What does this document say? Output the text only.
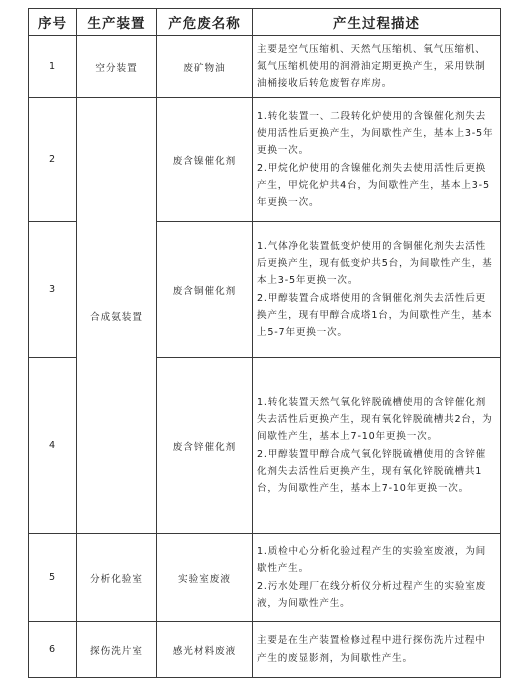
序号	生产装置	产危废名称	产生过程描述
1	空分装置	废矿物油	主要是空气压缩机、天然气压缩机、氧气压缩机、氮气压缩机使用的润滑油定期更换产生，采用铁制油桶接收后转危废暂存库房。

2	合成氨装置	废含镍催化剂	1.转化装置一、二段转化炉使用的含镍催化剂失去使用活性后更换产生，为间歇性产生，基本上3-5年更换一次。

2.甲烷化炉使用的含镍催化剂失去使用活性后更换产生，甲烷化炉共4台，为间歇性产生，基本上3-5年更换一次。

3		废含铜催化剂	1.气体净化装置低变炉使用的含铜催化剂失去活性后更换产生，现有低变炉共5台，为间歇性产生，基本上3-5年更换一次。

2.甲醇装置合成塔使用的含铜催化剂失去活性后更换产生，现有甲醇合成塔1台，为间歇性产生，基本上5-7年更换一次。

4		废含锌催化剂	1.转化装置天然气氧化锌脱硫槽使用的含锌催化剂失去活性后更换产生，现有氧化锌脱硫槽共2台，为间歇性产生，基本上7-10年更换一次。

2.甲醇装置甲醇合成气氧化锌脱硫槽使用的含锌催化剂失去活性后更换产生，现有氧化锌脱硫槽共1台，为间歇性产生，基本上7-10年更换一次。

5	分析化验室	实验室废液	1.质检中心分析化验过程产生的实验室废液，为间歇性产生。

2.污水处理厂在线分析仪分析过程产生的实验室废液，为间歇性产生。

6	探伤洗片室	感光材料废液	主要是在生产装置检修过程中进行探伤洗片过程中产生的废显影剂，为间歇性产生。
